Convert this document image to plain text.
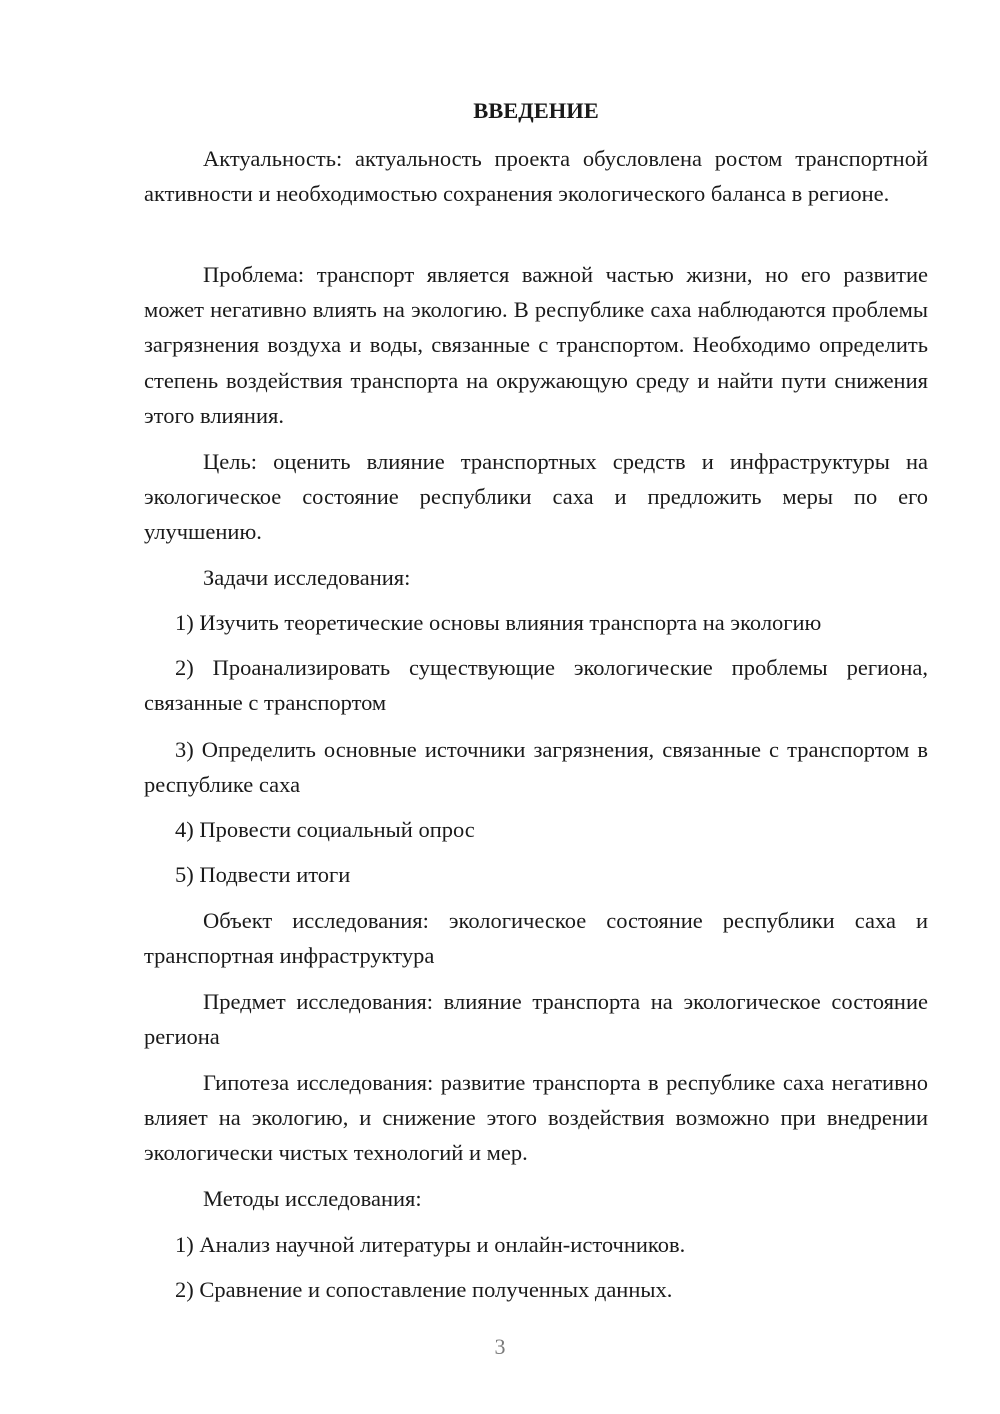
ВВЕДЕНИЕ

Актуальность: актуальность проекта обусловлена ростом транспортной активности и необходимостью сохранения экологического баланса в регионе.

Проблема: транспорт является важной частью жизни, но его развитие может негативно влиять на экологию. В республике саха наблюдаются проблемы загрязнения воздуха и воды, связанные с транспортом. Необходимо определить степень воздействия транспорта на окружающую среду и найти пути снижения этого влияния.

Цель: оценить влияние транспортных средств и инфраструктуры на экологическое состояние республики саха и предложить меры по его улучшению.

Задачи исследования:

1) Изучить теоретические основы влияния транспорта на экологию

2) Проанализировать существующие экологические проблемы региона, связанные с транспортом

3) Определить основные источники загрязнения, связанные с транспортом в республике саха

4) Провести социальный опрос

5) Подвести итоги

Объект исследования: экологическое состояние республики саха и транспортная инфраструктура

Предмет исследования: влияние транспорта на экологическое состояние региона

Гипотеза исследования: развитие транспорта в республике саха негативно влияет на экологию, и снижение этого воздействия возможно при внедрении экологически чистых технологий и мер.

Методы исследования:

1) Анализ научной литературы и онлайн-источников.

2) Сравнение и сопоставление полученных данных.

3
